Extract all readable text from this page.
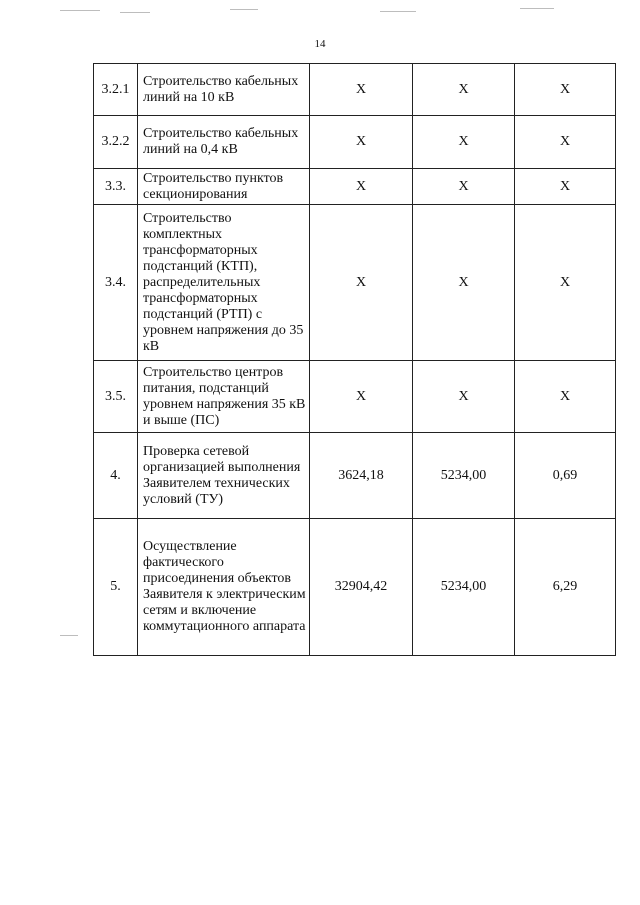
14
3.2.1	Строительство кабельных линий на 10 кВ	Х	Х	Х
3.2.2	Строительство кабельных линий на 0,4 кВ	Х	Х	Х
3.3.	Строительство пунктов секционирования	Х	Х	Х
3.4.	Строительство комплектных трансформаторных подстанций (КТП), распределительных трансформаторных подстанций (РТП) с уровнем напряжения до 35 кВ	Х	Х	Х
3.5.	Строительство центров питания, подстанций уровнем напряжения 35 кВ и выше (ПС)	Х	Х	Х
4.	Проверка сетевой организацией выполнения Заявителем технических условий (ТУ)	3624,18	5234,00	0,69
5.	Осуществление фактического присоединения объектов Заявителя к электрическим сетям и включение коммутационного аппарата	32904,42	5234,00	6,29
